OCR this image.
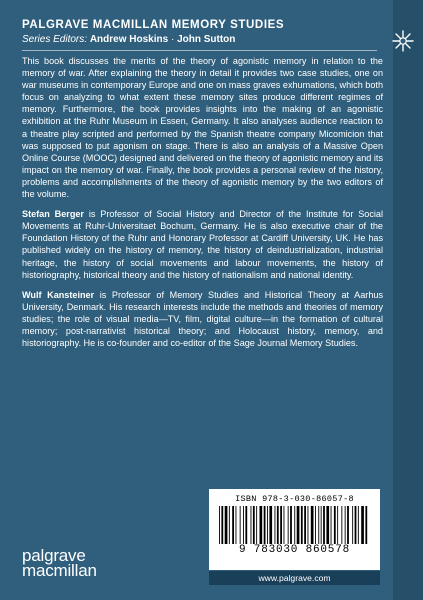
PALGRAVE MACMILLAN MEMORY STUDIES
Series Editors: Andrew Hoskins · John Sutton

This book discusses the merits of the theory of agonistic memory in relation to the memory of war. After explaining the theory in detail it provides two case studies, one on war museums in contemporary Europe and one on mass graves exhumations, which both focus on analyzing to what extent these memory sites produce different regimes of memory. Furthermore, the book provides insights into the making of an agonistic exhibition at the Ruhr Museum in Essen, Germany. It also analyses audience reaction to a theatre play scripted and performed by the Spanish theatre company Micomicion that was supposed to put agonism on stage. There is also an analysis of a Massive Open Online Course (MOOC) designed and delivered on the theory of agonistic memory and its impact on the memory of war. Finally, the book provides a personal review of the history, problems and accomplishments of the theory of agonistic memory by the two editors of the volume.

Stefan Berger is Professor of Social History and Director of the Institute for Social Movements at Ruhr-Universitaet Bochum, Germany. He is also executive chair of the Foundation History of the Ruhr and Honorary Professor at Cardiff University, UK. He has published widely on the history of memory, the history of deindustrialization, industrial heritage, the history of social movements and labour movements, the history of historiography, historical theory and the history of nationalism and national identity.

Wulf Kansteiner is Professor of Memory Studies and Historical Theory at Aarhus University, Denmark. His research interests include the methods and theories of memory studies; the role of visual media—TV, film, digital culture—in the formation of cultural memory; post-narrativist historical theory; and Holocaust history, memory, and historiography. He is co-founder and co-editor of the Sage Journal Memory Studies.

ISBN 978-3-030-86057-8
9 783030 860578
www.palgrave.com
palgrave
macmillan
